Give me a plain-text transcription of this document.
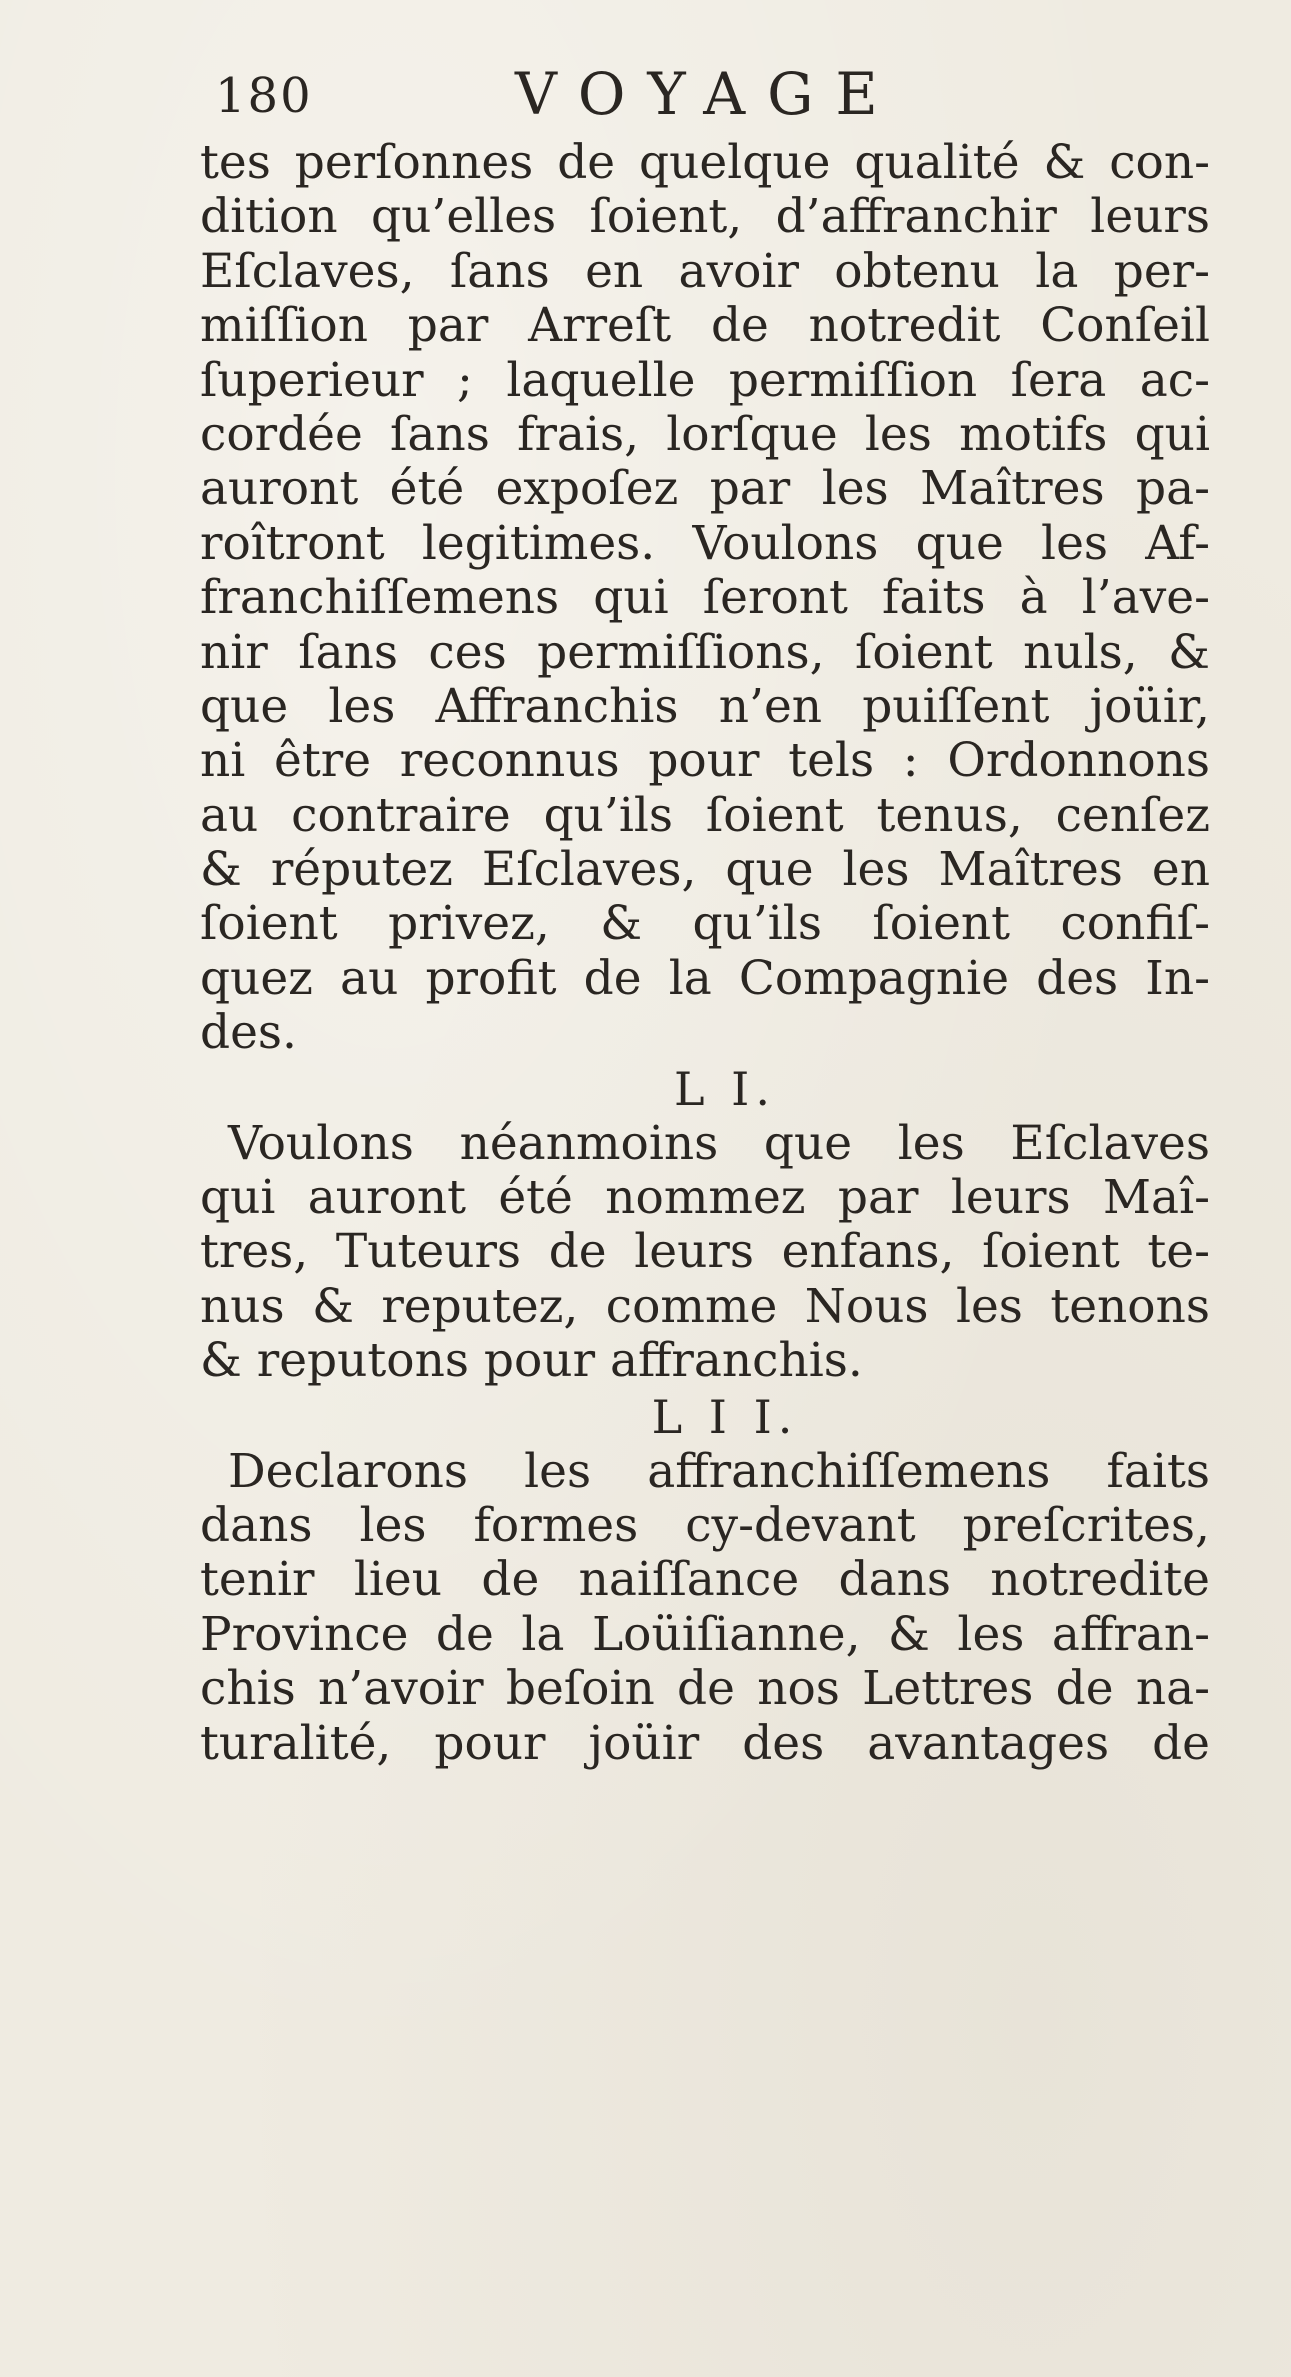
180	VOYAGE
tes perſonnes de quelque qualité & con-
dition qu’elles ſoient, d’affranchir leurs
Eſclaves, ſans en avoir obtenu la per-
miſſion par Arreſt de notredit Conſeil
ſuperieur ; laquelle permiſſion ſera ac-
cordée ſans frais, lorſque les motifs qui
auront été expoſez par les Maîtres pa-
roîtront legitimes. Voulons que les Af-
franchiſſemens qui ſeront faits à l’ave-
nir ſans ces permiſſions, ſoient nuls, &
que les Affranchis n’en puiſſent joüir,
ni être reconnus pour tels : Ordonnons
au contraire qu’ils ſoient tenus, cenſez
& réputez Eſclaves, que les Maîtres en
ſoient privez, & qu’ils ſoient confiſ-
quez au profit de la Compagnie des In-
des.
L I.
Voulons néanmoins que les Eſclaves
qui auront été nommez par leurs Maî-
tres, Tuteurs de leurs enfans, ſoient te-
nus & reputez, comme Nous les tenons
& reputons pour affranchis.
L I I.
Declarons les affranchiſſemens faits
dans les formes cy-devant preſcrites,
tenir lieu de naiſſance dans notredite
Province de la Loüiſianne, & les affran-
chis n’avoir beſoin de nos Lettres de na-
turalité, pour joüir des avantages de
